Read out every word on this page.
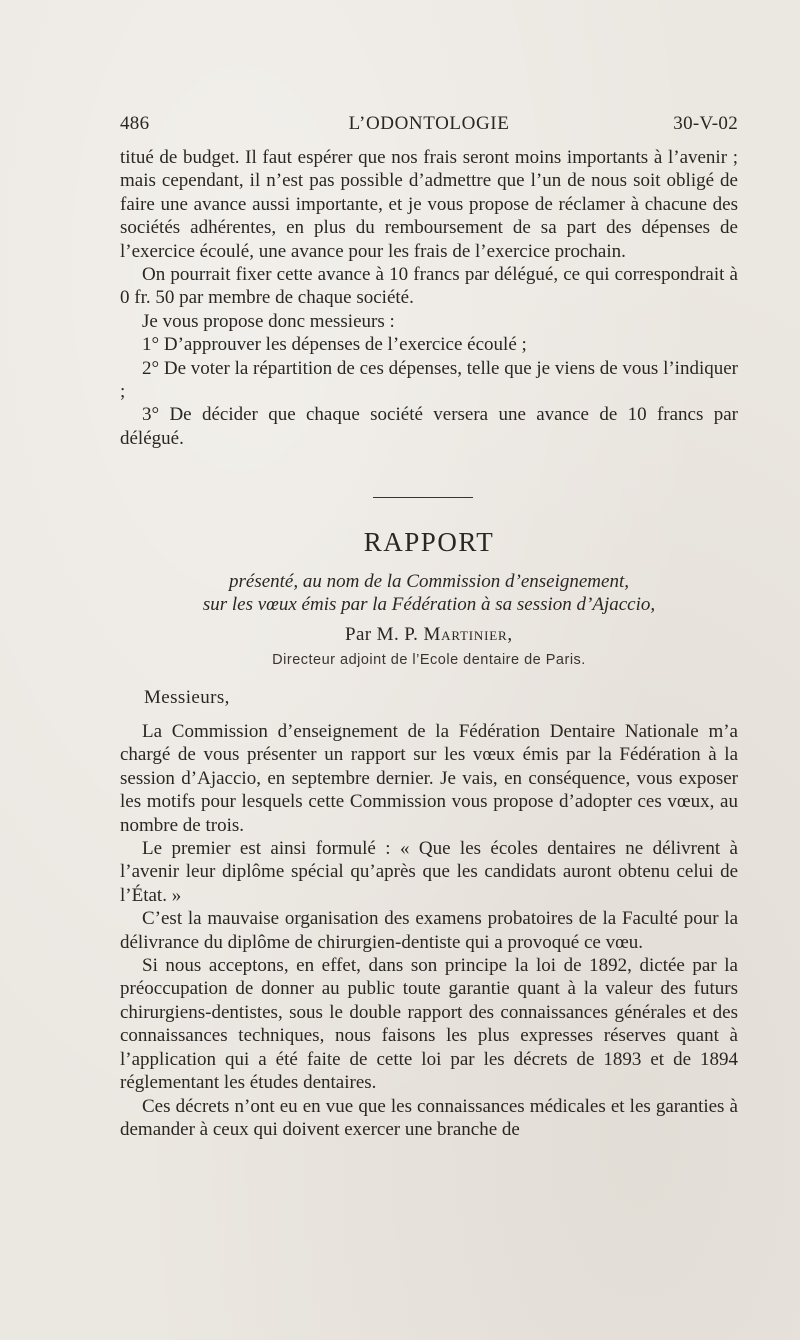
486	L’ODONTOLOGIE	30-V-02

titué de budget. Il faut espérer que nos frais seront moins importants à l’avenir ; mais cependant, il n’est pas possible d’admettre que l’un de nous soit obligé de faire une avance aussi importante, et je vous propose de réclamer à chacune des sociétés adhérentes, en plus du remboursement de sa part des dépenses de l’exercice écoulé, une avance pour les frais de l’exercice prochain.

On pourrait fixer cette avance à 10 francs par délégué, ce qui correspondrait à 0 fr. 50 par membre de chaque société.

Je vous propose donc messieurs :

1° D’approuver les dépenses de l’exercice écoulé ;

2° De voter la répartition de ces dépenses, telle que je viens de vous l’indiquer ;

3° De décider que chaque société versera une avance de 10 francs par délégué.

RAPPORT
présenté, au nom de la Commission d’enseignement,
sur les vœux émis par la Fédération à sa session d’Ajaccio,
Par M. P. Martinier,
Directeur adjoint de l’Ecole dentaire de Paris.
Messieurs,

La Commission d’enseignement de la Fédération Dentaire Nationale m’a chargé de vous présenter un rapport sur les vœux émis par la Fédération à la session d’Ajaccio, en septembre dernier. Je vais, en conséquence, vous exposer les motifs pour lesquels cette Commission vous propose d’adopter ces vœux, au nombre de trois.

Le premier est ainsi formulé : « Que les écoles dentaires ne délivrent à l’avenir leur diplôme spécial qu’après que les candidats auront obtenu celui de l’État. »

C’est la mauvaise organisation des examens probatoires de la Faculté pour la délivrance du diplôme de chirurgien-dentiste qui a provoqué ce vœu.

Si nous acceptons, en effet, dans son principe la loi de 1892, dictée par la préoccupation de donner au public toute garantie quant à la valeur des futurs chirurgiens-dentistes, sous le double rapport des connaissances générales et des connaissances techniques, nous faisons les plus expresses réserves quant à l’application qui a été faite de cette loi par les décrets de 1893 et de 1894 réglementant les études dentaires.

Ces décrets n’ont eu en vue que les connaissances médicales et les garanties à demander à ceux qui doivent exercer une branche de
